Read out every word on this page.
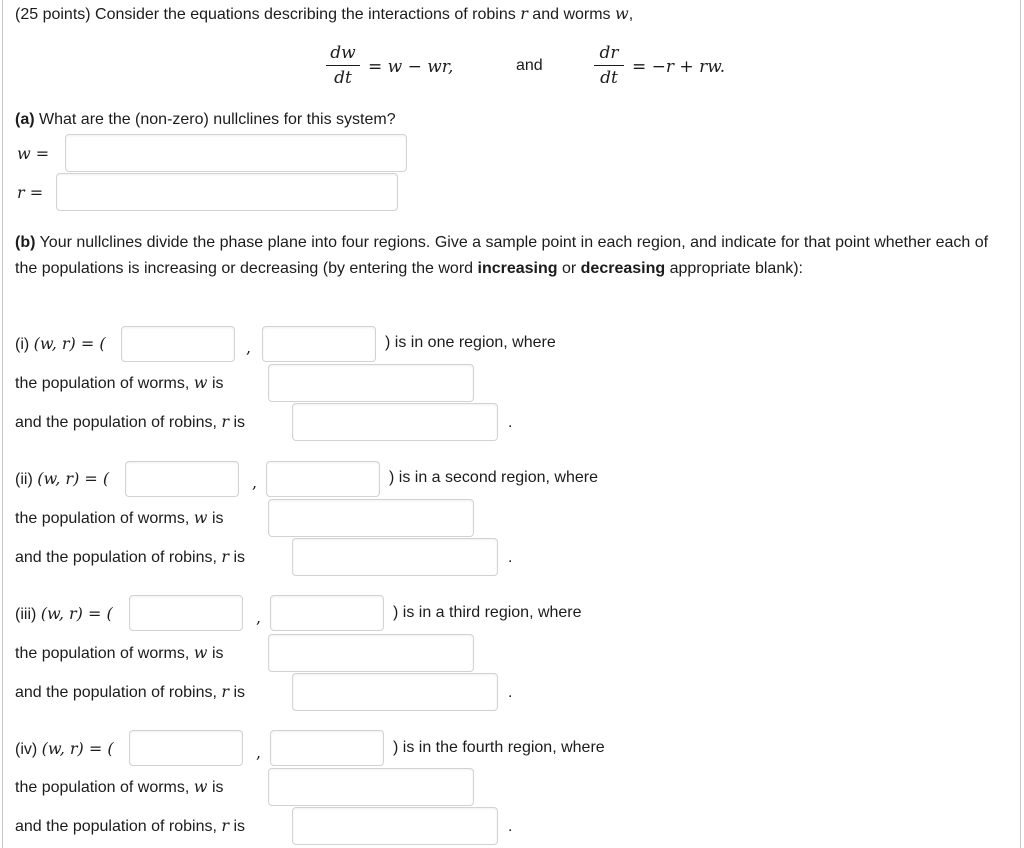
(25 points) Consider the equations describing the interactions of robins r and worms w,
dw
dt
= w − wr,	and
dr
dt
= −r + rw.
(a) What are the (non-zero) nullclines for this system?
w =
r =
(b) Your nullclines divide the phase plane into four regions. Give a sample point in each region, and indicate for that point whether each of the populations is increasing or decreasing (by entering the word increasing or decreasing appropriate blank):
(i) (w, r) = (	,	) is in one region, where
the population of worms, w is
and the population of robins, r is	.
(ii) (w, r) = (	,	) is in a second region, where
the population of worms, w is
and the population of robins, r is	.
(iii) (w, r) = (	,	) is in a third region, where
the population of worms, w is
and the population of robins, r is	.
(iv) (w, r) = (	,	) is in the fourth region, where
the population of worms, w is
and the population of robins, r is	.
